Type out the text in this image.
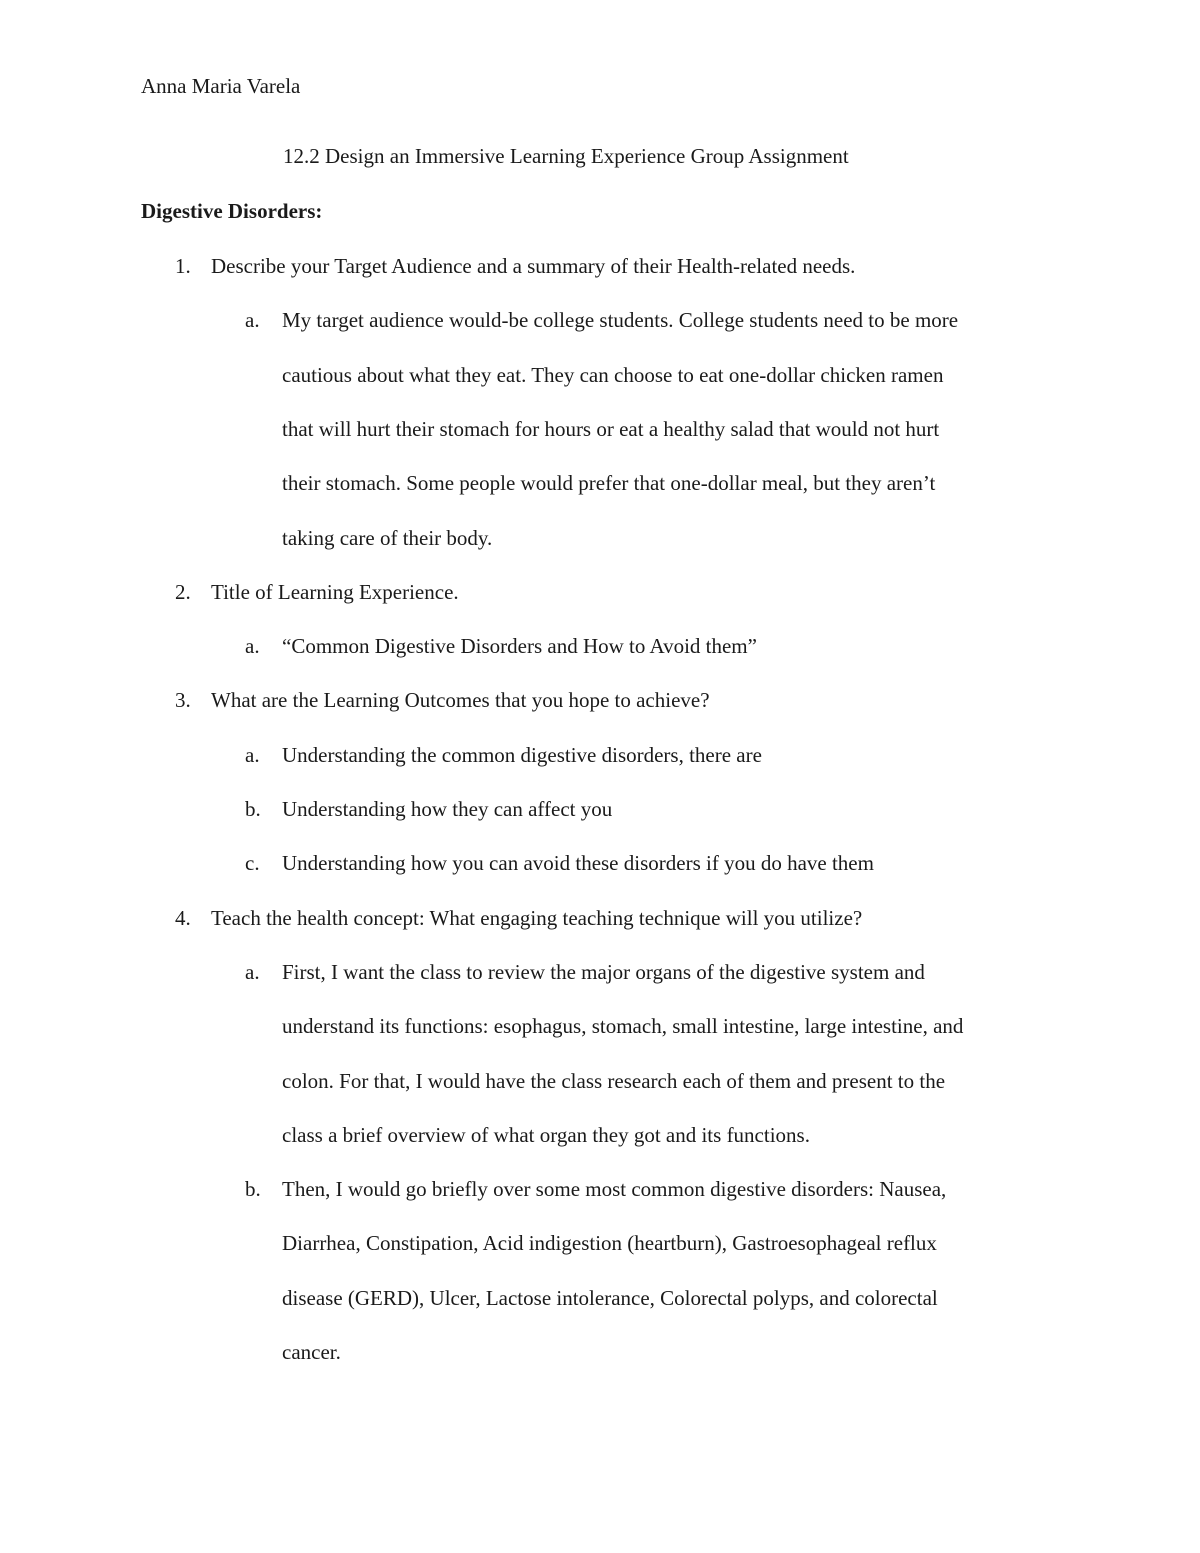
Anna Maria Varela
12.2 Design an Immersive Learning Experience Group Assignment
Digestive Disorders:
1. Describe your Target Audience and a summary of their Health-related needs.
a. My target audience would-be college students. College students need to be more
cautious about what they eat. They can choose to eat one-dollar chicken ramen
that will hurt their stomach for hours or eat a healthy salad that would not hurt
their stomach. Some people would prefer that one-dollar meal, but they aren’t
taking care of their body.
2. Title of Learning Experience.
a. “Common Digestive Disorders and How to Avoid them”
3. What are the Learning Outcomes that you hope to achieve?
a. Understanding the common digestive disorders, there are
b. Understanding how they can affect you
c. Understanding how you can avoid these disorders if you do have them
4. Teach the health concept: What engaging teaching technique will you utilize?
a. First, I want the class to review the major organs of the digestive system and
understand its functions: esophagus, stomach, small intestine, large intestine, and
colon. For that, I would have the class research each of them and present to the
class a brief overview of what organ they got and its functions.
b. Then, I would go briefly over some most common digestive disorders: Nausea,
Diarrhea, Constipation, Acid indigestion (heartburn), Gastroesophageal reflux
disease (GERD), Ulcer, Lactose intolerance, Colorectal polyps, and colorectal
cancer.
